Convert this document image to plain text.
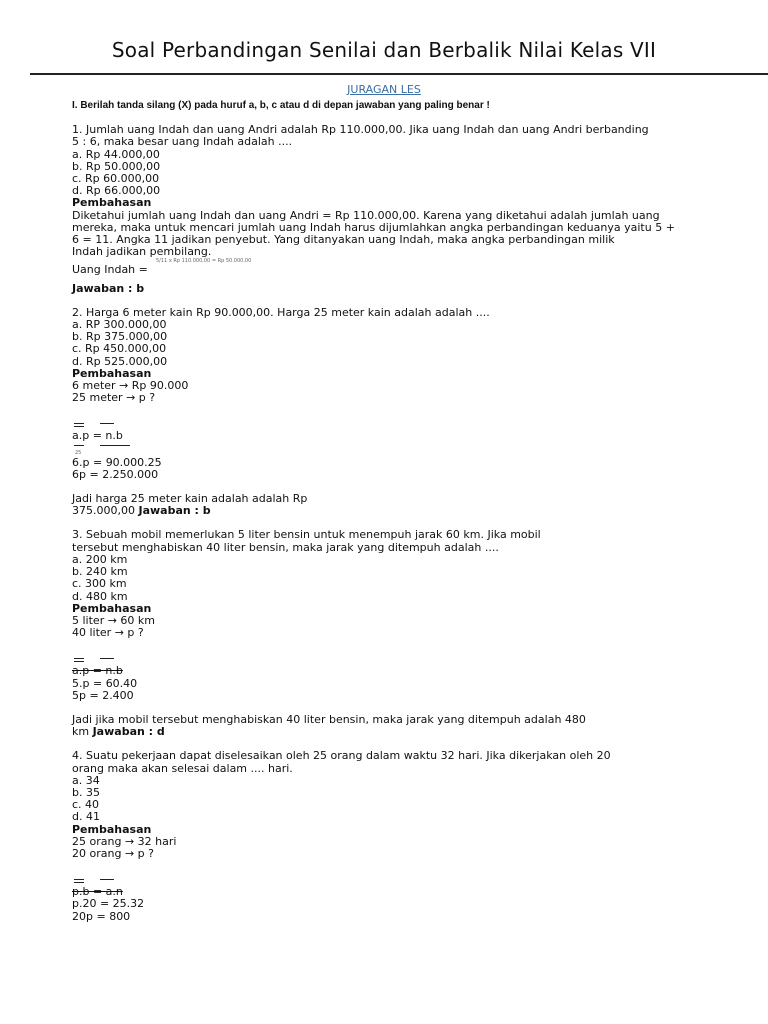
Soal Perbandingan Senilai dan Berbalik Nilai Kelas VII
JURAGAN LES
I. Berilah tanda silang (X) pada huruf a, b, c atau d di depan jawaban yang paling benar !
1. Jumlah uang Indah dan uang Andri adalah Rp 110.000,00. Jika uang Indah dan uang Andri berbanding
5 : 6, maka besar uang Indah adalah ....
a. Rp 44.000,00
b. Rp 50.000,00
c. Rp 60.000,00
d. Rp 66.000,00
Pembahasan
Diketahui jumlah uang Indah dan uang Andri = Rp 110.000,00. Karena yang diketahui adalah jumlah uang
mereka, maka untuk mencari jumlah uang Indah harus dijumlahkan angka perbandingan keduanya yaitu 5 +
6 = 11. Angka 11 jadikan penyebut. Yang ditanyakan uang Indah, maka angka perbandingan milik
Indah jadikan pembilang.
5/11 x Rp 110.000,00 = Rp 50.000,00
Uang Indah =
Jawaban : b
2. Harga 6 meter kain Rp 90.000,00. Harga 25 meter kain adalah adalah ....
a. RP 300.000,00
b. Rp 375.000,00
c. Rp 450.000,00
d. Rp 525.000,00
Pembahasan
6 meter → Rp 90.000
25 meter → p ?
a.p = n.b
25
6.p = 90.000.25
6p = 2.250.000
Jadi harga 25 meter kain adalah adalah Rp
375.000,00 Jawaban : b
3. Sebuah mobil memerlukan 5 liter bensin untuk menempuh jarak 60 km. Jika mobil
tersebut menghabiskan 40 liter bensin, maka jarak yang ditempuh adalah ....
a. 200 km
b. 240 km
c. 300 km
d. 480 km
Pembahasan
5 liter → 60 km
40 liter → p ?
a.p = n.b
5.p = 60.40
5p = 2.400
Jadi jika mobil tersebut menghabiskan 40 liter bensin, maka jarak yang ditempuh adalah 480
km Jawaban : d
4. Suatu pekerjaan dapat diselesaikan oleh 25 orang dalam waktu 32 hari. Jika dikerjakan oleh 20
orang maka akan selesai dalam .... hari.
a. 34
b. 35
c. 40
d. 41
Pembahasan
25 orang → 32 hari
20 orang → p ?
p.b = a.n
p.20 = 25.32
20p = 800
